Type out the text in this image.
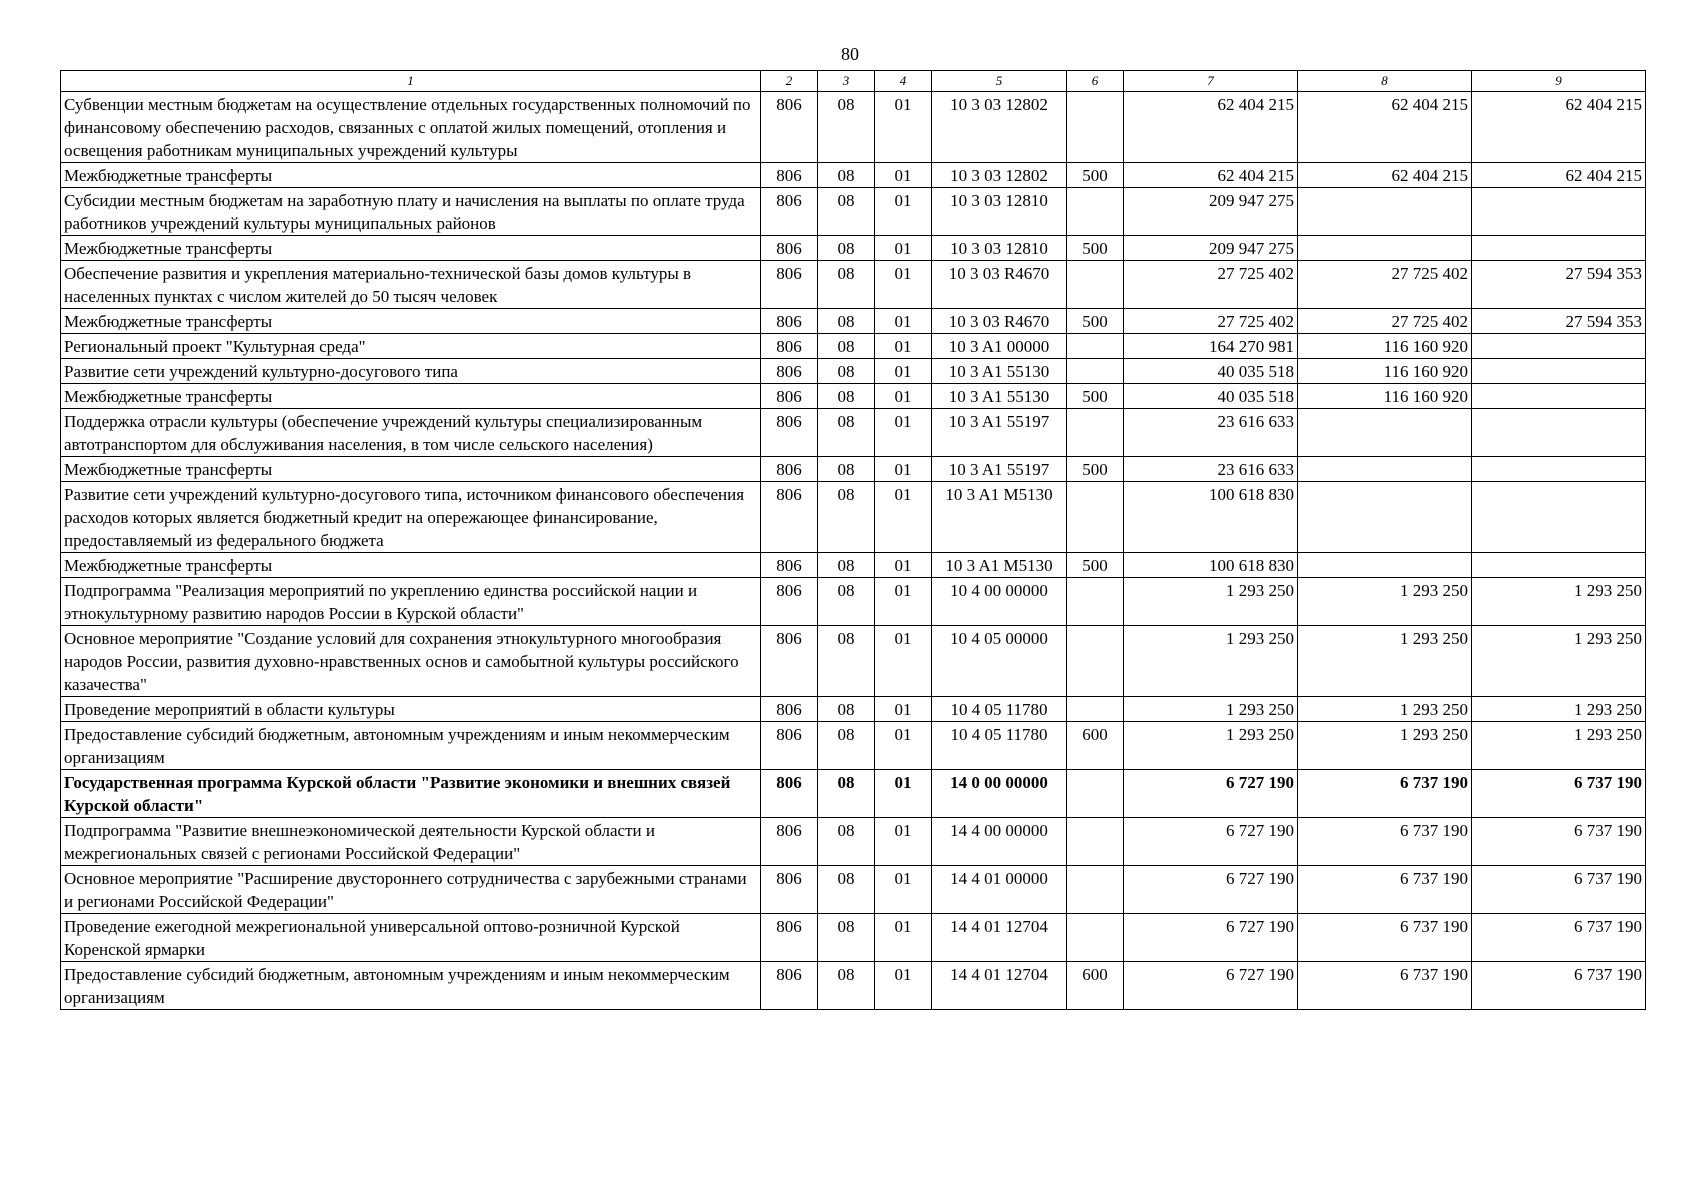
80
1	2	3	4	5	6	7	8	9
Субвенции местным бюджетам на осуществление отдельных государственных полномочий по финансовому обеспечению расходов, связанных с оплатой жилых помещений, отопления и освещения работникам муниципальных учреждений культуры	806	08	01	10 3 03 12802		62 404 215	62 404 215	62 404 215
Межбюджетные трансферты	806	08	01	10 3 03 12802	500	62 404 215	62 404 215	62 404 215
Субсидии местным бюджетам на заработную плату и начисления на выплаты по оплате труда работников учреждений культуры муниципальных районов	806	08	01	10 3 03 12810		209 947 275		
Межбюджетные трансферты	806	08	01	10 3 03 12810	500	209 947 275		
Обеспечение развития и укрепления материально-технической базы домов культуры в населенных пунктах с числом жителей до 50 тысяч человек	806	08	01	10 3 03 R4670		27 725 402	27 725 402	27 594 353
Межбюджетные трансферты	806	08	01	10 3 03 R4670	500	27 725 402	27 725 402	27 594 353
Региональный проект "Культурная среда"	806	08	01	10 3 A1 00000		164 270 981	116 160 920	
Развитие сети учреждений культурно-досугового типа	806	08	01	10 3 A1 55130		40 035 518	116 160 920	
Межбюджетные трансферты	806	08	01	10 3 A1 55130	500	40 035 518	116 160 920	
Поддержка отрасли культуры (обеспечение учреждений культуры специализированным автотранспортом для обслуживания населения, в том числе сельского населения)	806	08	01	10 3 A1 55197		23 616 633		
Межбюджетные трансферты	806	08	01	10 3 A1 55197	500	23 616 633		
Развитие сети учреждений культурно-досугового типа, источником финансового обеспечения расходов которых является бюджетный кредит на опережающее финансирование, предоставляемый из федерального бюджета	806	08	01	10 3 A1 M5130		100 618 830		
Межбюджетные трансферты	806	08	01	10 3 A1 M5130	500	100 618 830		
Подпрограмма "Реализация мероприятий по укреплению единства российской нации и этнокультурному развитию народов России в Курской области"	806	08	01	10 4 00 00000		1 293 250	1 293 250	1 293 250
Основное мероприятие "Создание условий для сохранения этнокультурного многообразия народов России, развития духовно-нравственных основ и самобытной культуры российского казачества"	806	08	01	10 4 05 00000		1 293 250	1 293 250	1 293 250
Проведение мероприятий в области культуры	806	08	01	10 4 05 11780		1 293 250	1 293 250	1 293 250
Предоставление субсидий бюджетным, автономным учреждениям и иным некоммерческим организациям	806	08	01	10 4 05 11780	600	1 293 250	1 293 250	1 293 250
Государственная программа Курской области "Развитие экономики и внешних связей Курской области"	806	08	01	14 0 00 00000		6 727 190	6 737 190	6 737 190
Подпрограмма "Развитие внешнеэкономической деятельности Курской области и межрегиональных связей с регионами Российской Федерации"	806	08	01	14 4 00 00000		6 727 190	6 737 190	6 737 190
Основное мероприятие "Расширение двустороннего сотрудничества с зарубежными странами и регионами Российской Федерации"	806	08	01	14 4 01 00000		6 727 190	6 737 190	6 737 190
Проведение ежегодной межрегиональной универсальной оптово-розничной Курской Коренской ярмарки	806	08	01	14 4 01 12704		6 727 190	6 737 190	6 737 190
Предоставление субсидий бюджетным, автономным учреждениям и иным некоммерческим организациям	806	08	01	14 4 01 12704	600	6 727 190	6 737 190	6 737 190
